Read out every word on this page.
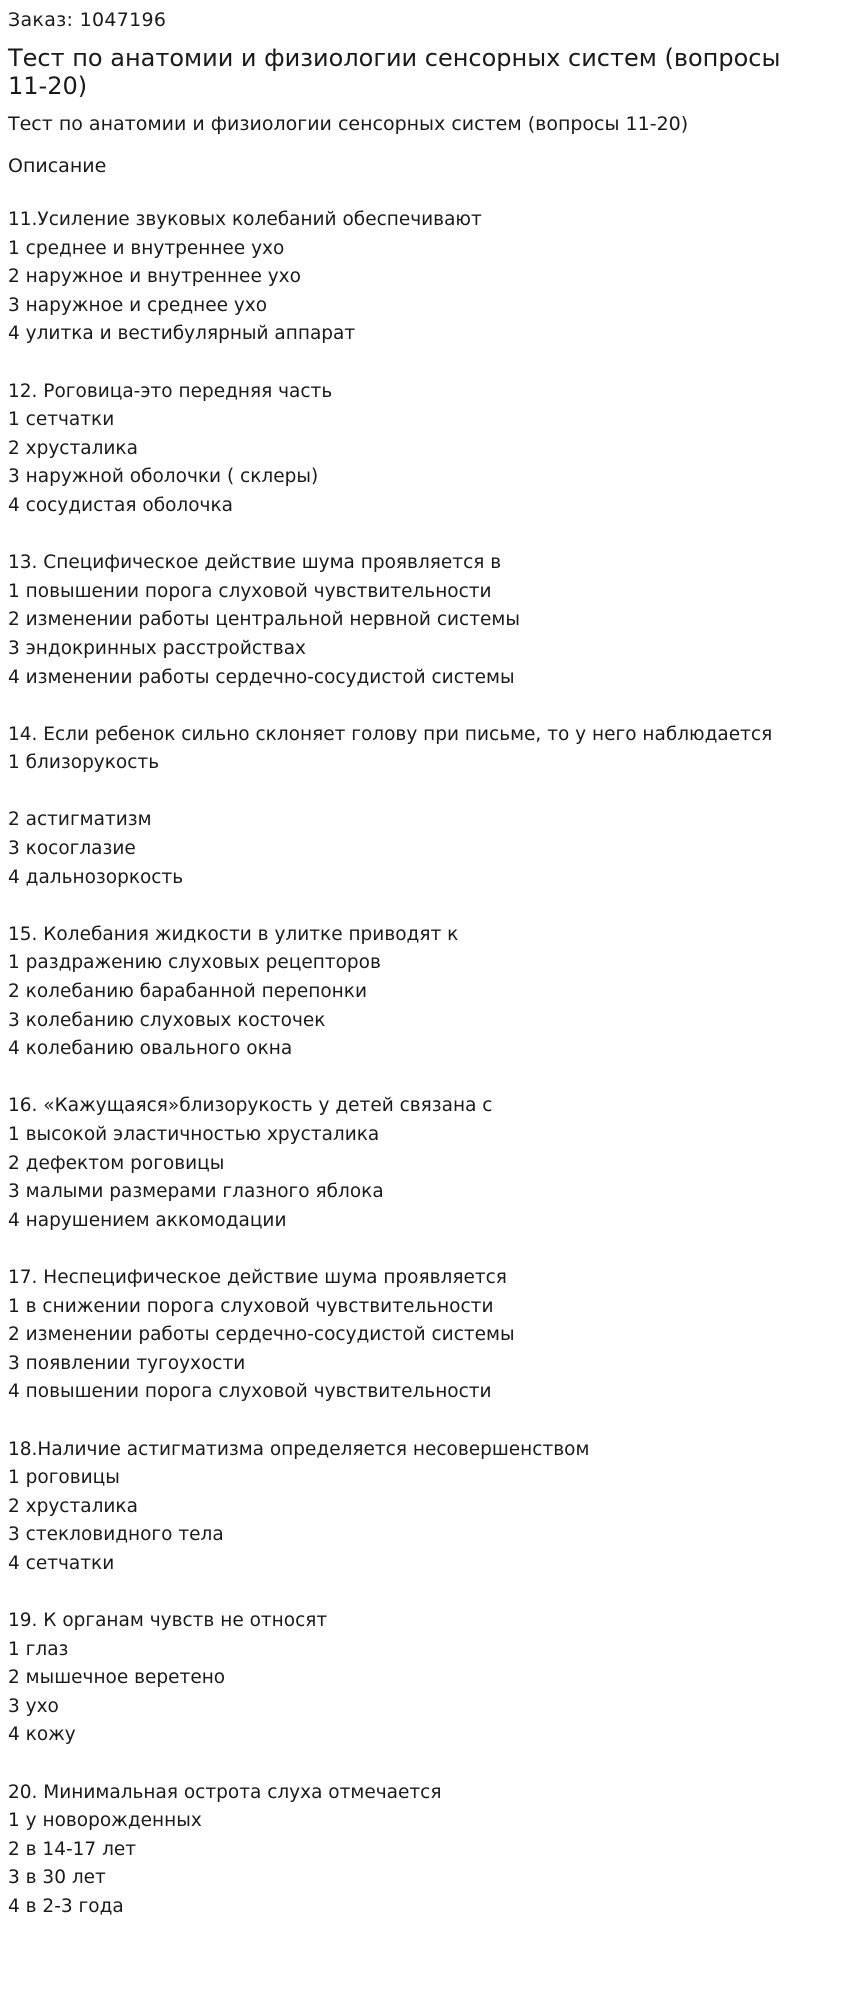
Заказ: 1047196
Тест по анатомии и физиологии сенсорных систем (вопросы 11-20)
Тест по анатомии и физиологии сенсорных систем (вопросы 11-20)
Описание
11.Усиление звуковых колебаний обеспечивают
1 среднее и внутреннее ухо
2 наружное и внутреннее ухо
3 наружное и среднее ухо
4 улитка и вестибулярный аппарат
12. Роговица-это передняя часть
1 сетчатки
2 хрусталика
3 наружной оболочки ( склеры)
4 сосудистая оболочка
13. Специфическое действие шума проявляется в
1 повышении порога слуховой чувствительности
2 изменении работы центральной нервной системы
3 эндокринных расстройствах
4 изменении работы сердечно-сосудистой системы
14. Если ребенок сильно склоняет голову при письме, то у него наблюдается
1 близорукость
2 астигматизм
3 косоглазие
4 дальнозоркость
15. Колебания жидкости в улитке приводят к
1 раздражению слуховых рецепторов
2 колебанию барабанной перепонки
3 колебанию слуховых косточек
4 колебанию овального окна
16. «Кажущаяся»близорукость у детей связана с
1 высокой эластичностью хрусталика
2 дефектом роговицы
3 малыми размерами глазного яблока
4 нарушением аккомодации
17. Неспецифическое действие шума проявляется
1 в снижении порога слуховой чувствительности
2 изменении работы сердечно-сосудистой системы
3 появлении тугоухости
4 повышении порога слуховой чувствительности
18.Наличие астигматизма определяется несовершенством
1 роговицы
2 хрусталика
3 стекловидного тела
4 сетчатки
19. К органам чувств не относят
1 глаз
2 мышечное веретено
3 ухо
4 кожу
20. Минимальная острота слуха отмечается
1 у новорожденных
2 в 14-17 лет
3 в 30 лет
4 в 2-3 года
